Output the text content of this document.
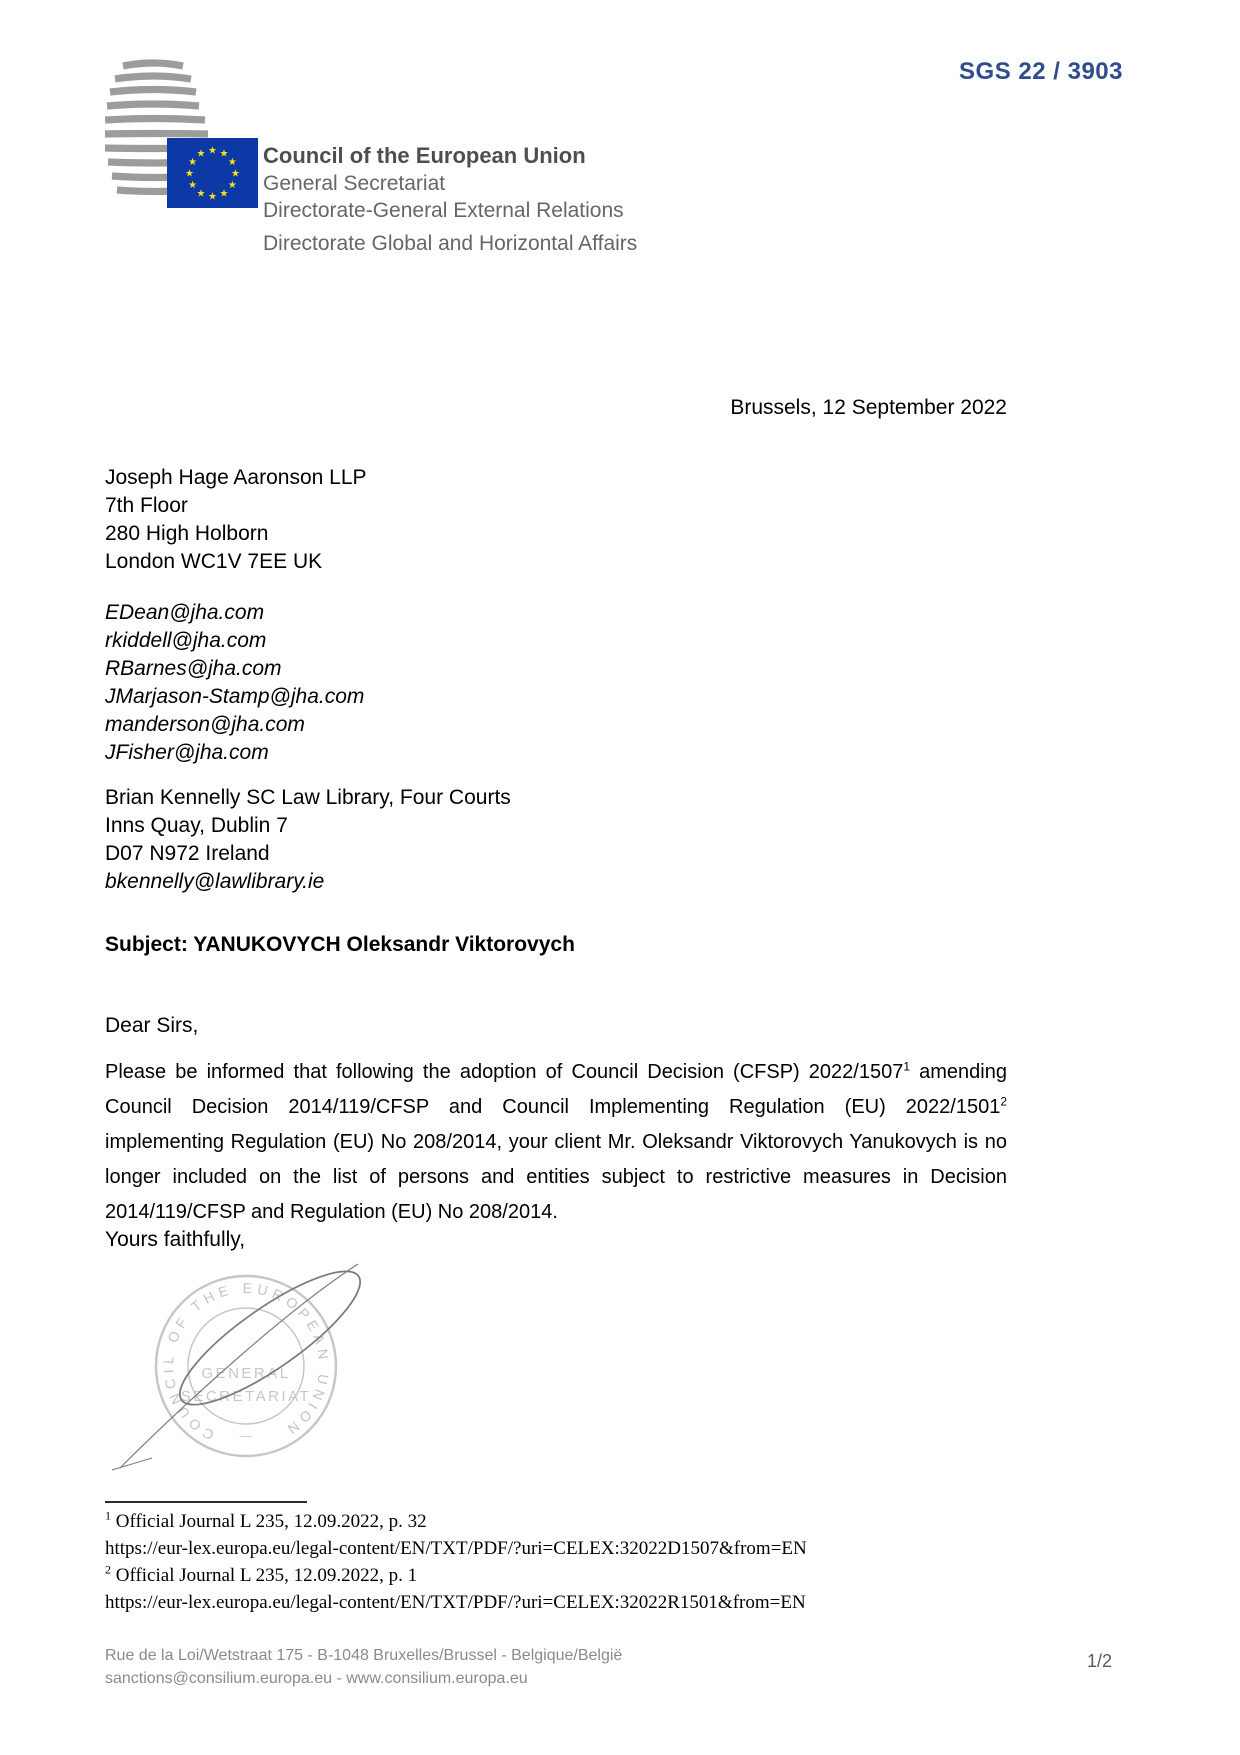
SGS 22 / 3903
★ ★
★
★
★
★
★
★
★
★
★
★	Council of the European Union
General Secretariat
Directorate-General External Relations
Directorate Global and Horizontal Affairs
Brussels, 12 September 2022
Joseph Hage Aaronson LLP
7th Floor
280 High Holborn
London WC1V 7EE UK
EDean@jha.com
rkiddell@jha.com
RBarnes@jha.com
JMarjason-Stamp@jha.com
manderson@jha.com
JFisher@jha.com
Brian Kennelly SC Law Library, Four Courts
Inns Quay, Dublin 7
D07 N972 Ireland
bkennelly@lawlibrary.ie
Subject: YANUKOVYCH Oleksandr Viktorovych
Dear Sirs,

Please be informed that following the adoption of Council Decision (CFSP) 2022/1507$^1$ amending Council Decision 2014/119/CFSP and Council Implementing Regulation (EU) 2022/1501$^2$ implementing Regulation (EU) No 208/2014, your client Mr. Oleksandr Viktorovych Yanukovych is no longer included on the list of persons and entities subject to restrictive measures in Decision 2014/119/CFSP and Regulation (EU) No 208/2014.

Yours faithfully,
COUNCIL OF THE EUROPEAN UNION
GENERAL
SECRETARIAT
—
$^1$ Official Journal L 235, 12.09.2022, p. 32
https://eur-lex.europa.eu/legal-content/EN/TXT/PDF/?uri=CELEX:32022D1507&from=EN
$^2$ Official Journal L 235, 12.09.2022, p. 1
https://eur-lex.europa.eu/legal-content/EN/TXT/PDF/?uri=CELEX:32022R1501&from=EN
Rue de la Loi/Wetstraat 175 - B-1048 Bruxelles/Brussel - Belgique/België
sanctions@consilium.europa.eu - www.consilium.europa.eu
1/2
